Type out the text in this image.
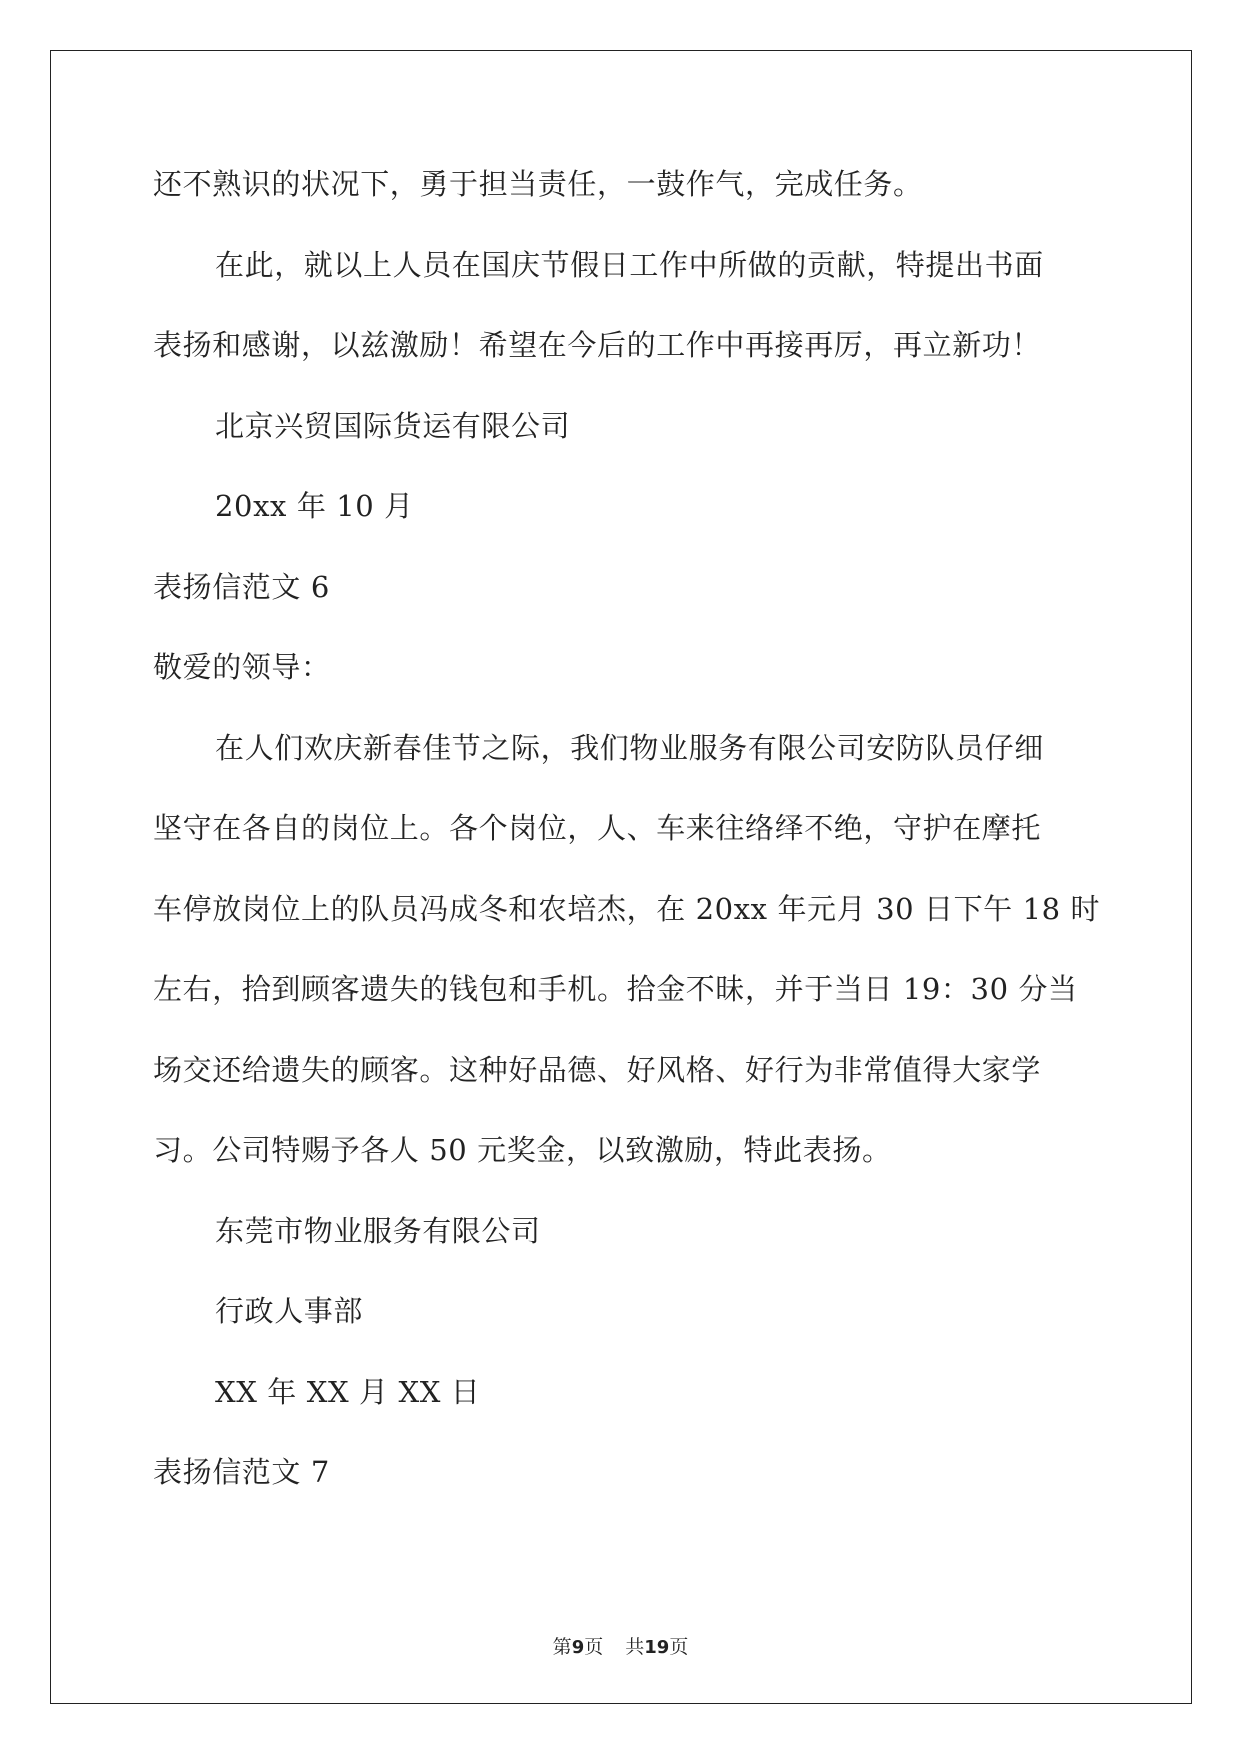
还不熟识的状况下，勇于担当责任，一鼓作气，完成任务。
在此，就以上人员在国庆节假日工作中所做的贡献，特提出书面
表扬和感谢，以兹激励！希望在今后的工作中再接再厉，再立新功！
北京兴贸国际货运有限公司
20xx 年 10 月
表扬信范文 6
敬爱的领导：
在人们欢庆新春佳节之际，我们物业服务有限公司安防队员仔细
坚守在各自的岗位上。各个岗位，人、车来往络绎不绝，守护在摩托
车停放岗位上的队员冯成冬和农培杰，在 20xx 年元月 30 日下午 18 时
左右，拾到顾客遗失的钱包和手机。拾金不昧，并于当日 19：30 分当
场交还给遗失的顾客。这种好品德、好风格、好行为非常值得大家学
习。公司特赐予各人 50 元奖金，以致激励，特此表扬。
东莞市物业服务有限公司
行政人事部
XX 年 XX 月 XX 日
表扬信范文 7
第9页 共19页
